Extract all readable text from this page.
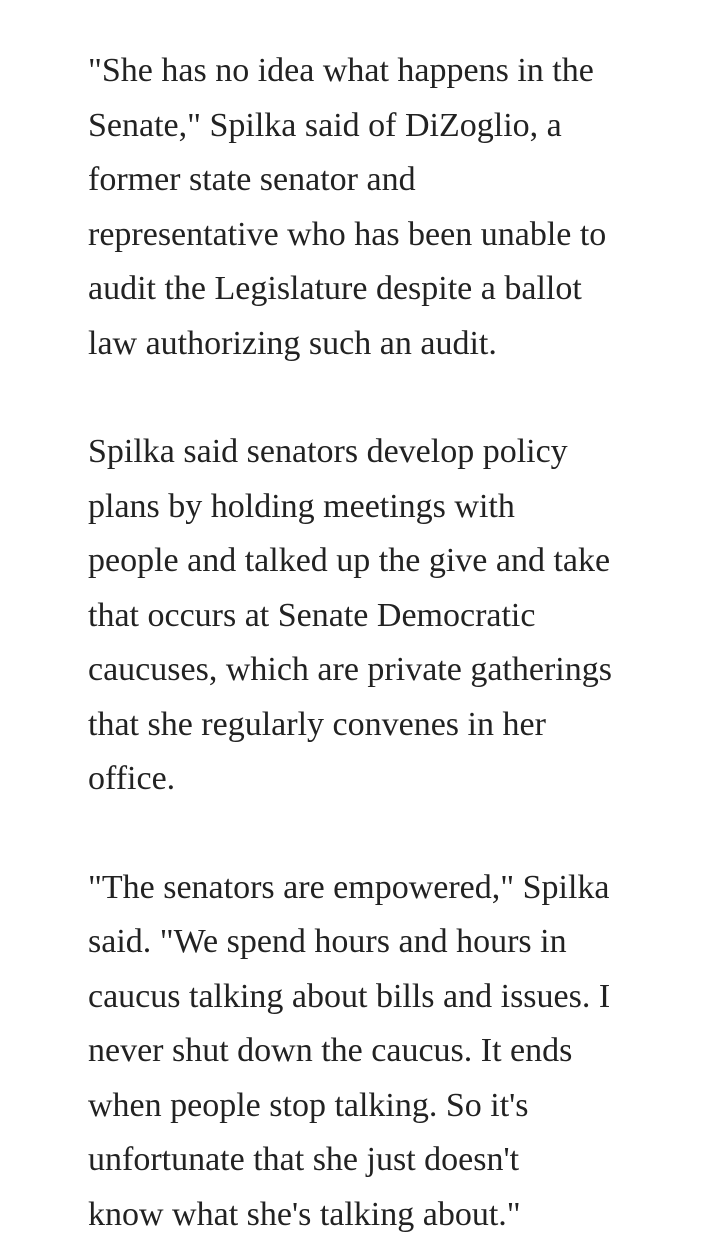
"She has no idea what happens in the
Senate," Spilka said of DiZoglio, a
former state senator and
representative who has been unable to
audit the Legislature despite a ballot
law authorizing such an audit.

Spilka said senators develop policy
plans by holding meetings with
people and talked up the give and take
that occurs at Senate Democratic
caucuses, which are private gatherings
that she regularly convenes in her
office.

"The senators are empowered," Spilka
said. "We spend hours and hours in
caucus talking about bills and issues. I
never shut down the caucus. It ends
when people stop talking. So it's
unfortunate that she just doesn't
know what she's talking about."
